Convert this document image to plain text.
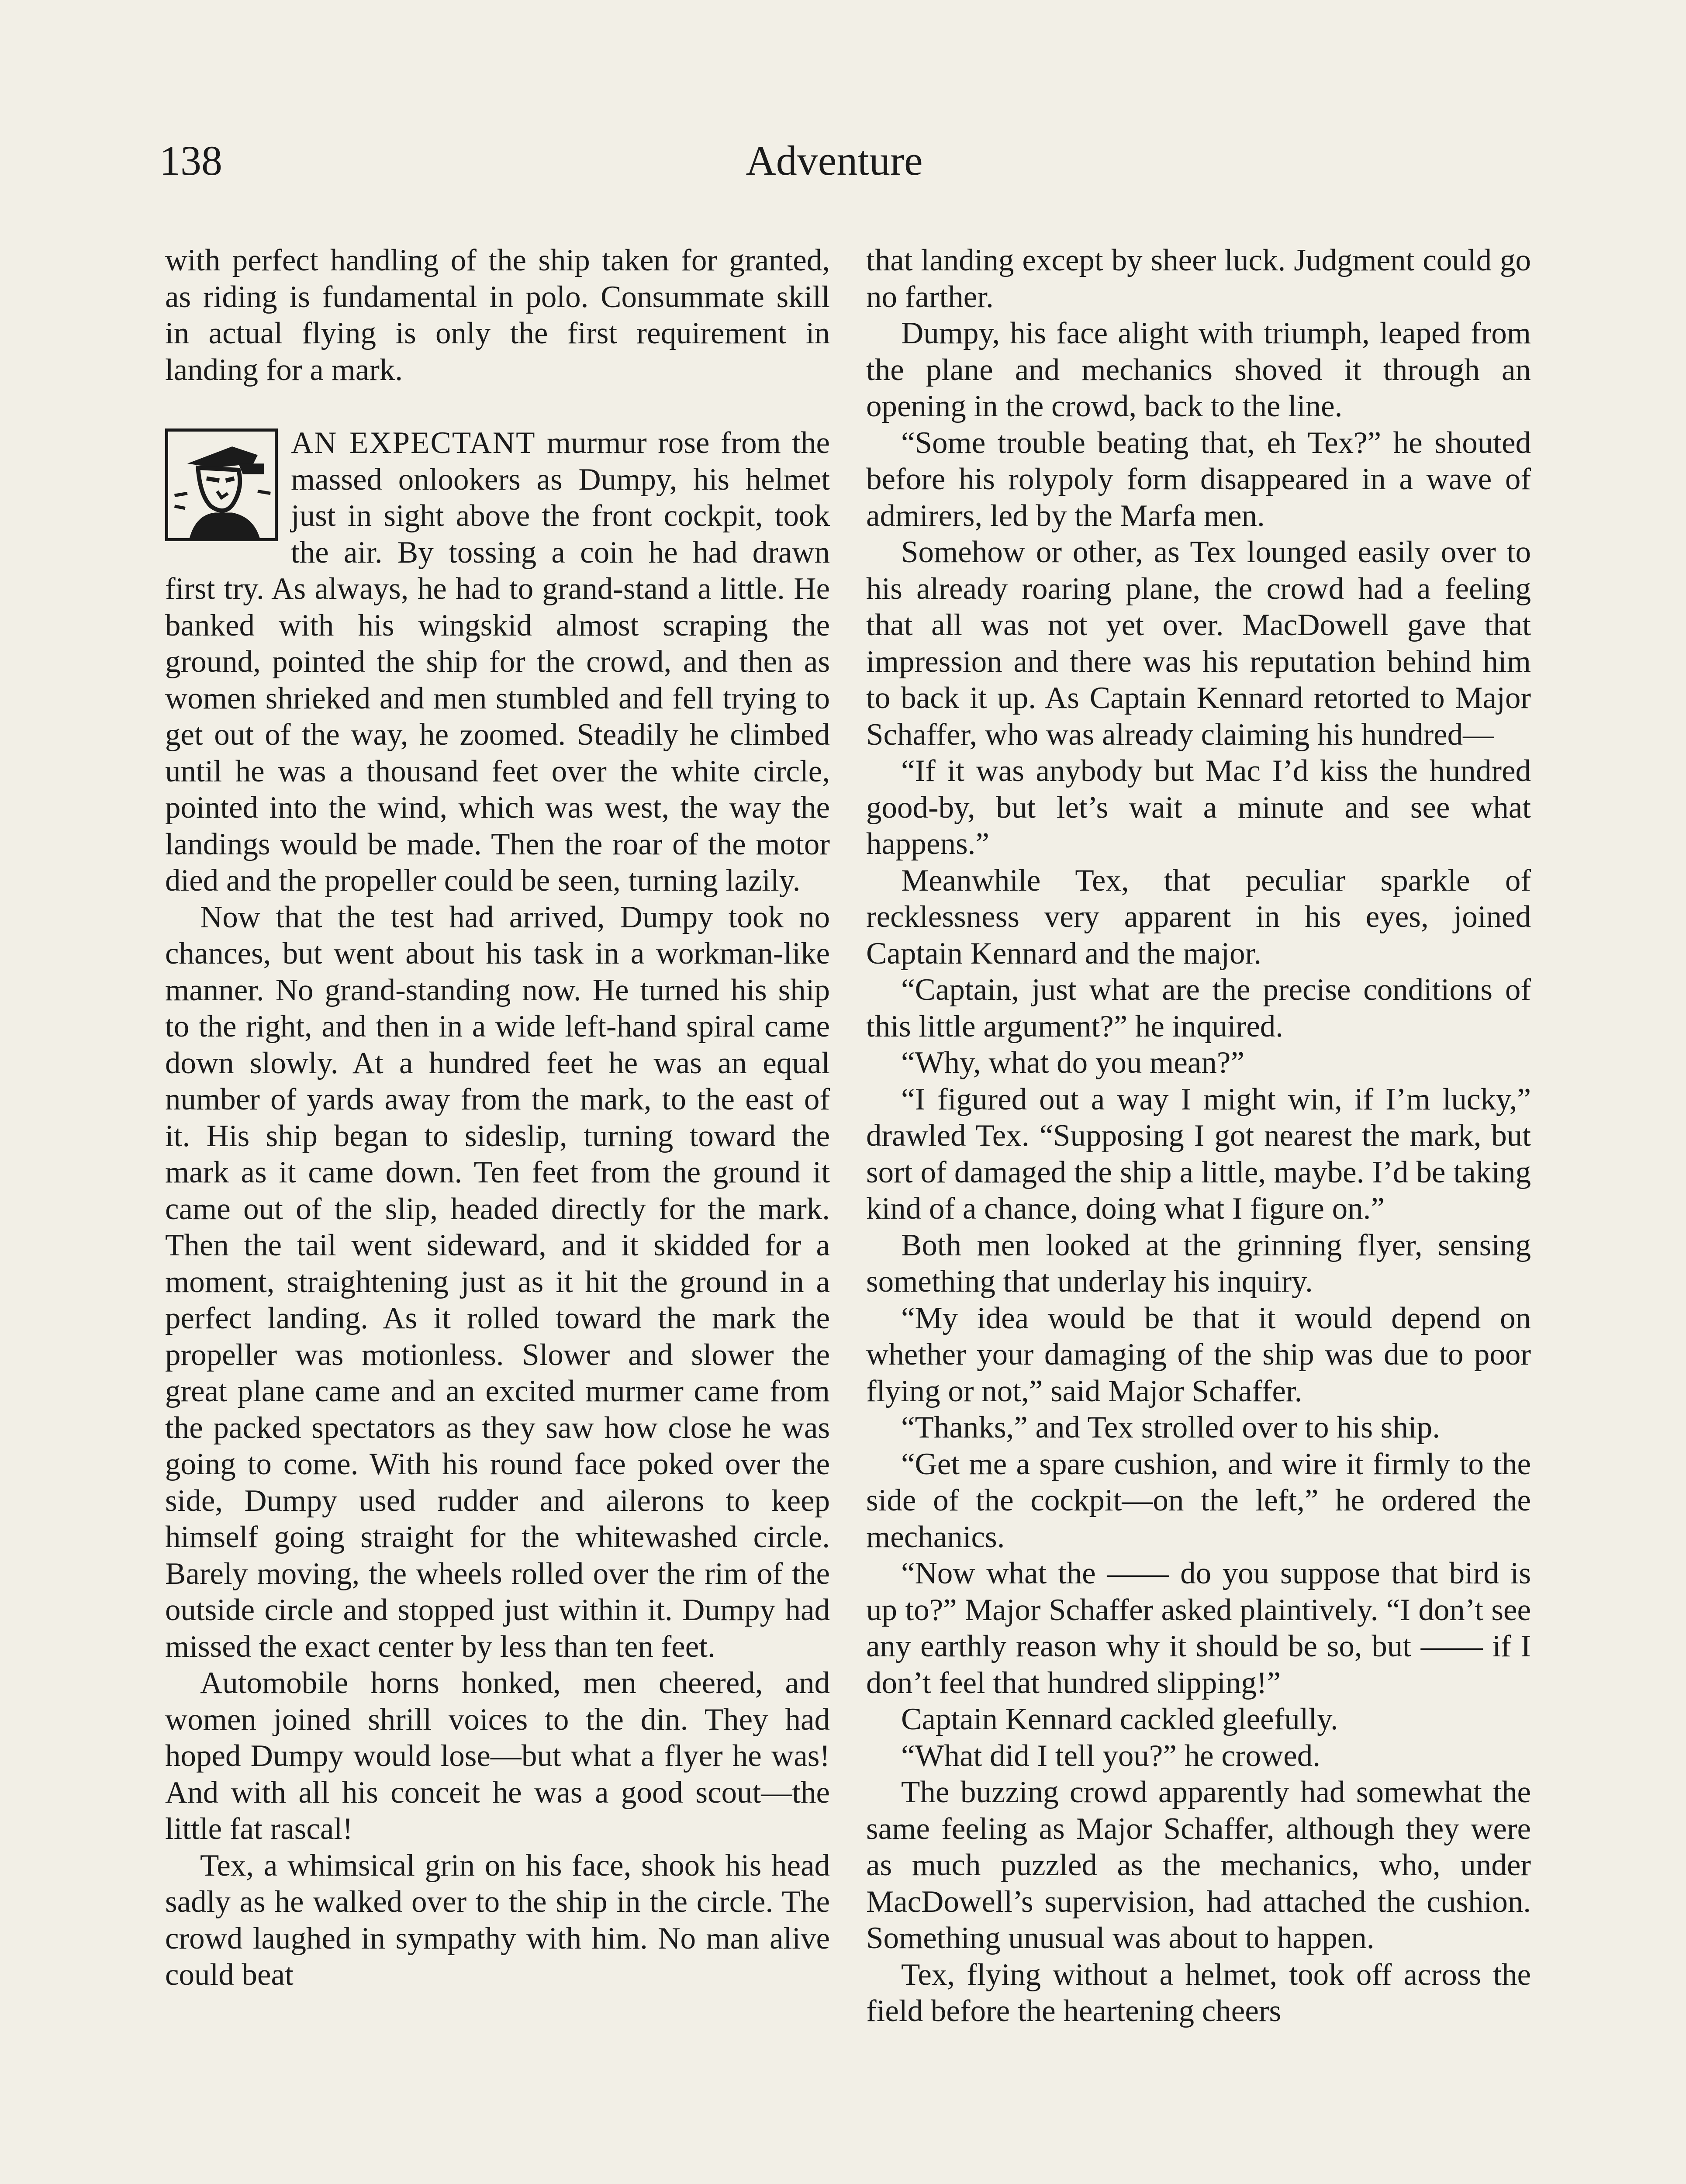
138	Adventure

with perfect handling of the ship taken for granted, as riding is fundamental in polo. Consummate skill in actual flying is only the first requirement in landing for a mark.

AN EXPECTANT murmur rose from the massed onlookers as Dumpy, his helmet just in sight above the front cockpit, took the air. By tossing a coin he had drawn first try. As always, he had to grand-stand a little. He banked with his wingskid almost scraping the ground, pointed the ship for the crowd, and then as women shrieked and men stumbled and fell trying to get out of the way, he zoomed. Steadily he climbed until he was a thousand feet over the white circle, pointed into the wind, which was west, the way the landings would be made. Then the roar of the motor died and the propeller could be seen, turning lazily.

Now that the test had arrived, Dumpy took no chances, but went about his task in a workman-like manner. No grand-standing now. He turned his ship to the right, and then in a wide left-hand spiral came down slowly. At a hundred feet he was an equal number of yards away from the mark, to the east of it. His ship began to sideslip, turning toward the mark as it came down. Ten feet from the ground it came out of the slip, headed directly for the mark. Then the tail went sideward, and it skidded for a moment, straightening just as it hit the ground in a perfect landing. As it rolled toward the mark the propeller was motionless. Slower and slower the great plane came and an excited murmer came from the packed spectators as they saw how close he was going to come. With his round face poked over the side, Dumpy used rudder and ailerons to keep himself going straight for the whitewashed circle. Barely moving, the wheels rolled over the rim of the outside circle and stopped just within it. Dumpy had missed the exact center by less than ten feet.

Automobile horns honked, men cheered, and women joined shrill voices to the din. They had hoped Dumpy would lose—but what a flyer he was! And with all his conceit he was a good scout—the little fat rascal!

Tex, a whimsical grin on his face, shook his head sadly as he walked over to the ship in the circle. The crowd laughed in sympathy with him. No man alive could beat

that landing except by sheer luck. Judgment could go no farther.

Dumpy, his face alight with triumph, leaped from the plane and mechanics shoved it through an opening in the crowd, back to the line.

“Some trouble beating that, eh Tex?” he shouted before his rolypoly form disappeared in a wave of admirers, led by the Marfa men.

Somehow or other, as Tex lounged easily over to his already roaring plane, the crowd had a feeling that all was not yet over. MacDowell gave that impression and there was his reputation behind him to back it up. As Captain Kennard retorted to Major Schaffer, who was already claiming his hundred—

“If it was anybody but Mac I’d kiss the hundred good-by, but let’s wait a minute and see what happens.”

Meanwhile Tex, that peculiar sparkle of recklessness very apparent in his eyes, joined Captain Kennard and the major.

“Captain, just what are the precise conditions of this little argument?” he inquired.

“Why, what do you mean?”

“I figured out a way I might win, if I’m lucky,” drawled Tex. “Supposing I got nearest the mark, but sort of damaged the ship a little, maybe. I’d be taking kind of a chance, doing what I figure on.”

Both men looked at the grinning flyer, sensing something that underlay his inquiry.

“My idea would be that it would depend on whether your damaging of the ship was due to poor flying or not,” said Major Schaffer.

“Thanks,” and Tex strolled over to his ship.

“Get me a spare cushion, and wire it firmly to the side of the cockpit—on the left,” he ordered the mechanics.

“Now what the —— do you suppose that bird is up to?” Major Schaffer asked plaintively. “I don’t see any earthly reason why it should be so, but —— if I don’t feel that hundred slipping!”

Captain Kennard cackled gleefully.

“What did I tell you?” he crowed.

The buzzing crowd apparently had somewhat the same feeling as Major Schaffer, although they were as much puzzled as the mechanics, who, under MacDowell’s supervision, had attached the cushion. Something unusual was about to happen.

Tex, flying without a helmet, took off across the field before the heartening cheers
